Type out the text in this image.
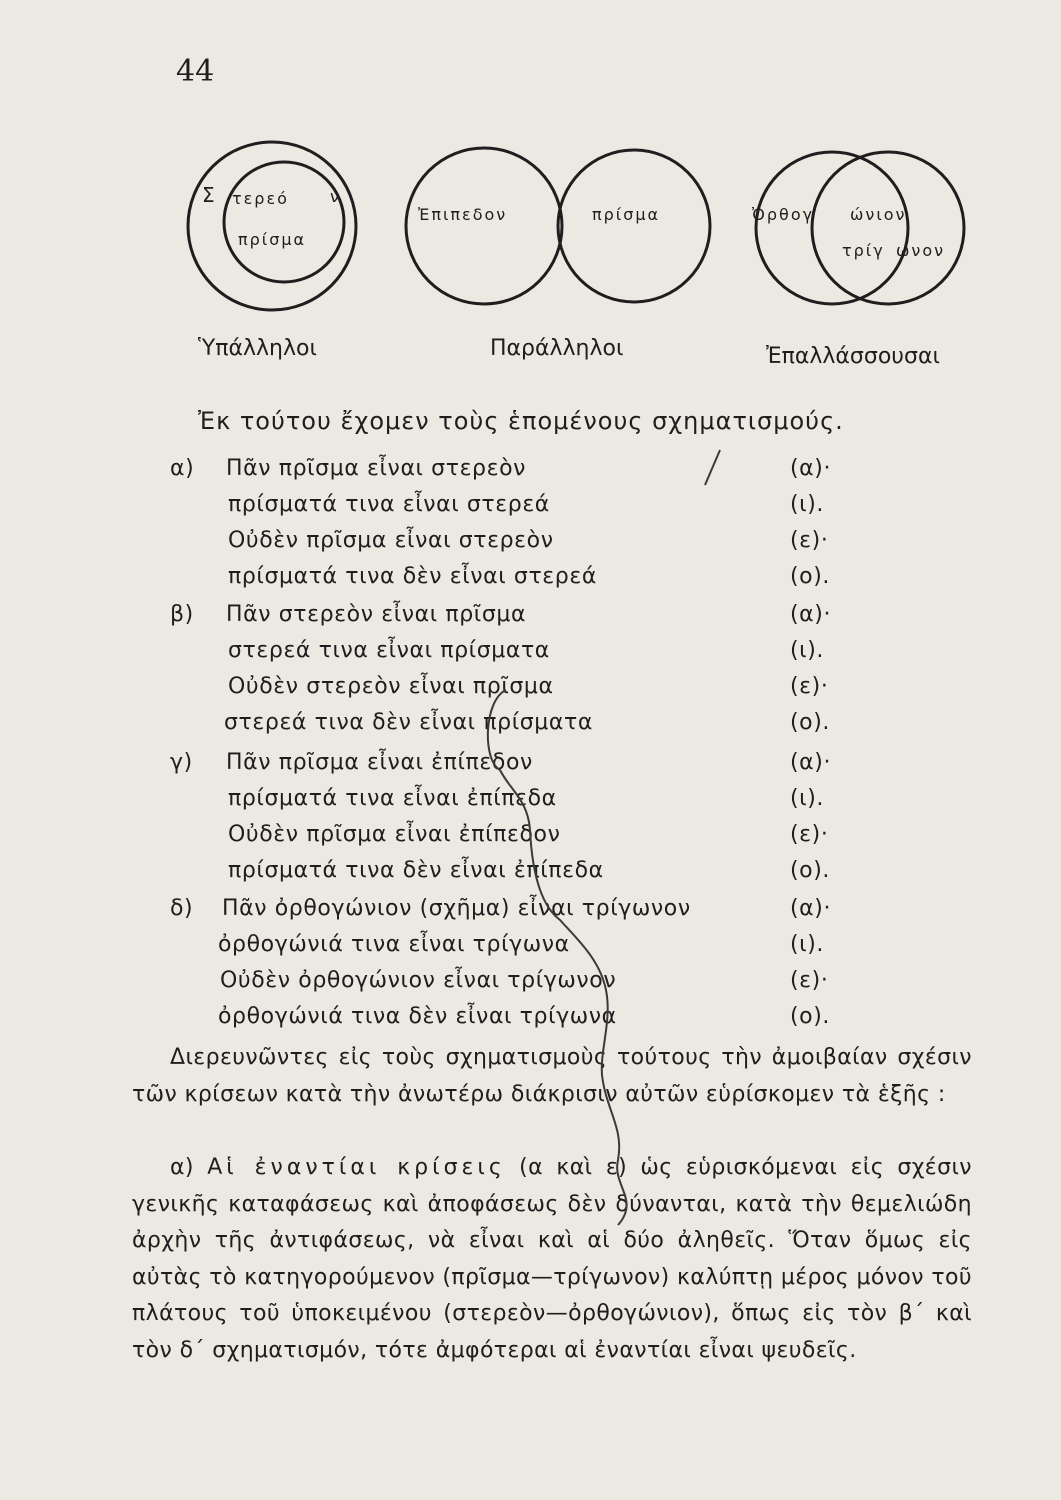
44
Σ τερεό	ν
πρίσμα
Ἐπιπεδον	πρίσμα	Ὀρθογ ώνιον
τρίγ ωνον
Ὑπάλληλοι	Παράλληλοι	Ἐπαλλάσσουσαι
Ἐκ τούτου ἔχομεν τοὺς ἑπομένους σχηματισμούς.
α) Πᾶν πρῖσμα εἶναι στερεὸν	(α)·
πρίσματά τινα εἶναι στερεά	(ι).
Οὐδὲν πρῖσμα εἶναι στερεὸν	(ε)·
πρίσματά τινα δὲν εἶναι στερεά	(ο).
β) Πᾶν στερεὸν εἶναι πρῖσμα	(α)·
στερεά τινα εἶναι πρίσματα	(ι).
Οὐδὲν στερεὸν εἶναι πρῖσμα	(ε)·
στερεά τινα δὲν εἶναι πρίσματα	(ο).
γ) Πᾶν πρῖσμα εἶναι ἐπίπεδον	(α)·
πρίσματά τινα εἶναι ἐπίπεδα	(ι).
Οὐδὲν πρῖσμα εἶναι ἐπίπεδον	(ε)·
πρίσματά τινα δὲν εἶναι ἐπίπεδα	(ο).
δ) Πᾶν ὀρθογώνιον (σχῆμα) εἶναι τρίγωνον	(α)·
ὀρθογώνιά τινα εἶναι τρίγωνα	(ι).
Οὐδὲν ὀρθογώνιον εἶναι τρίγωνον	(ε)·
ὀρθογώνιά τινα δὲν εἶναι τρίγωνα	(ο).
Διερευνῶντες εἰς τοὺς σχηματισμοὺς τούτους τὴν ἀμοιβαίαν σχέσιν τῶν κρίσεων κατὰ τὴν ἀνωτέρω διάκρισιν αὐτῶν εὑρίσκομεν τὰ ἑξῆς :
α) Αἱ ἐναντίαι κρίσεις (α καὶ ε) ὡς εὑρισκόμεναι εἰς σχέσιν γενικῆς καταφάσεως καὶ ἀποφάσεως δὲν δύνανται, κατὰ τὴν θεμελιώδη ἀρχὴν τῆς ἀντιφάσεως, νὰ εἶναι καὶ αἱ δύο ἀληθεῖς. Ὅταν ὅμως εἰς αὐτὰς τὸ κατηγορούμενον (πρῖσμα—τρίγωνον) καλύπτῃ μέρος μόνον τοῦ πλάτους τοῦ ὑποκειμένου (στερεὸν—ὀρθογώνιον), ὅπως εἰς τὸν β΄ καὶ τὸν δ΄ σχηματισμόν, τότε ἀμφότεραι αἱ ἐναντίαι εἶναι ψευδεῖς.
